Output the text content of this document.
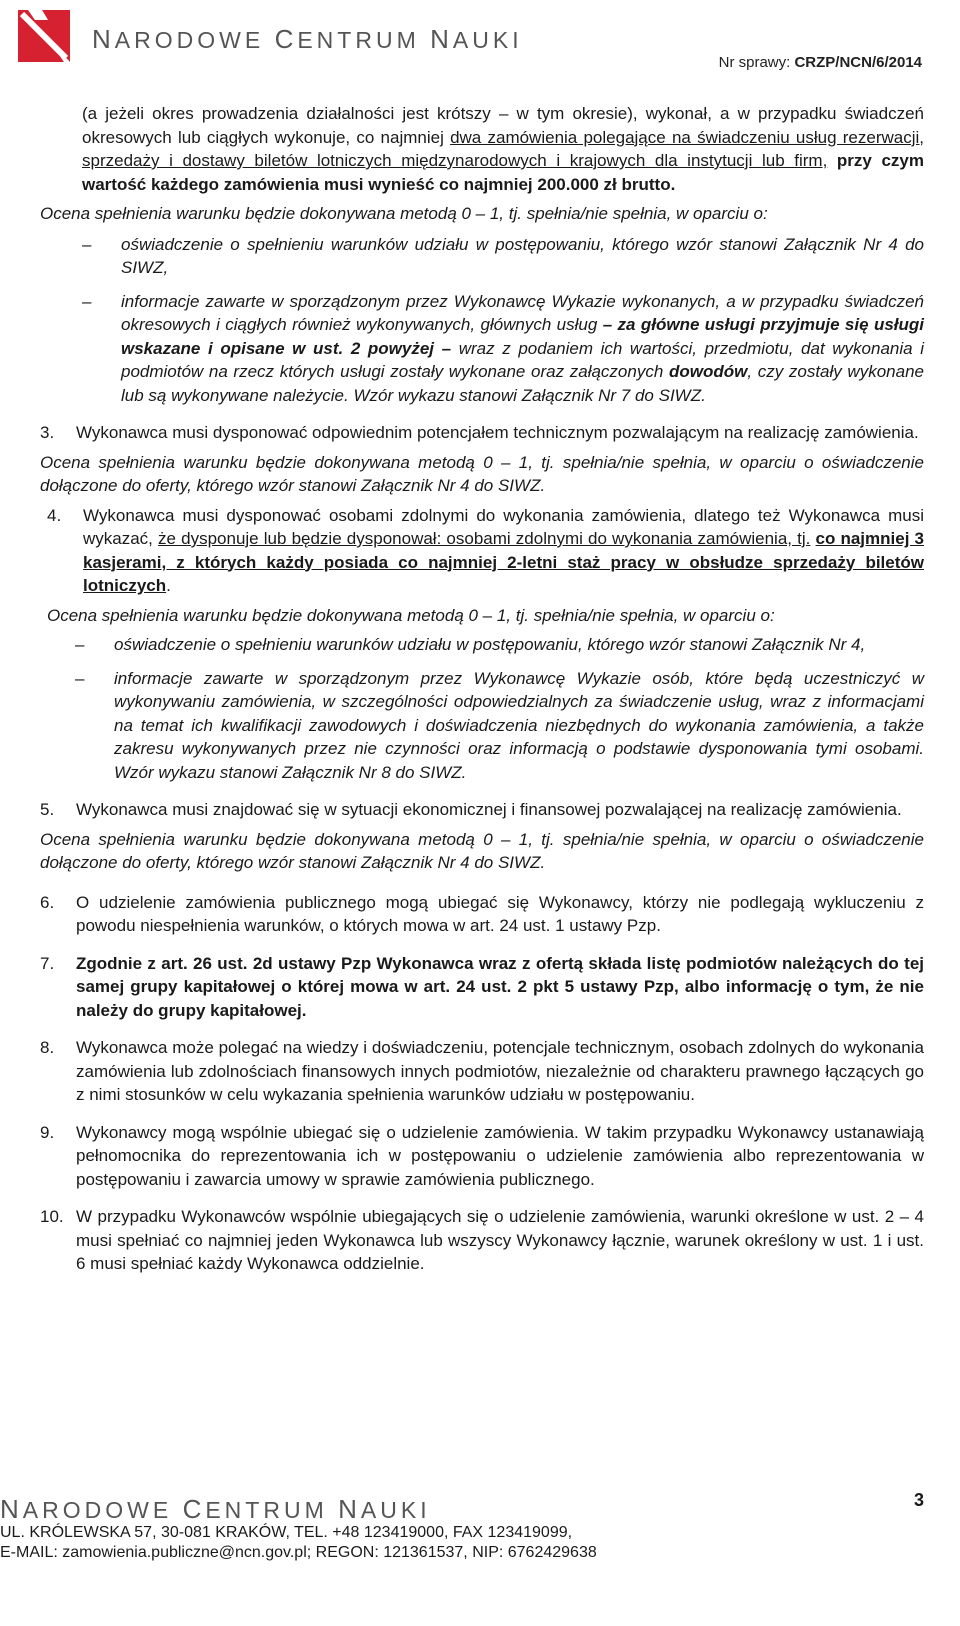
NARODOWE CENTRUM NAUKI
Nr sprawy: CRZP/NCN/6/2014
(a jeżeli okres prowadzenia działalności jest krótszy – w tym okresie), wykonał, a w przypadku świadczeń okresowych lub ciągłych wykonuje, co najmniej dwa zamówienia polegające na świadczeniu usług rezerwacji, sprzedaży i dostawy biletów lotniczych międzynarodowych i krajowych dla instytucji lub firm, przy czym wartość każdego zamówienia musi wynieść co najmniej 200.000 zł brutto.
Ocena spełnienia warunku będzie dokonywana metodą 0 – 1, tj. spełnia/nie spełnia, w oparciu o:
– oświadczenie o spełnieniu warunków udziału w postępowaniu, którego wzór stanowi Załącznik Nr 4 do SIWZ,
– informacje zawarte w sporządzonym przez Wykonawcę Wykazie wykonanych, a w przypadku świadczeń okresowych i ciągłych również wykonywanych, głównych usług – za główne usługi przyjmuje się usługi wskazane i opisane w ust. 2 powyżej – wraz z podaniem ich wartości, przedmiotu, dat wykonania i podmiotów na rzecz których usługi zostały wykonane oraz załączonych dowodów, czy zostały wykonane lub są wykonywane należycie. Wzór wykazu stanowi Załącznik Nr 7 do SIWZ.
3. Wykonawca musi dysponować odpowiednim potencjałem technicznym pozwalającym na realizację zamówienia.
Ocena spełnienia warunku będzie dokonywana metodą 0 – 1, tj. spełnia/nie spełnia, w oparciu o oświadczenie dołączone do oferty, którego wzór stanowi Załącznik Nr 4 do SIWZ.
4. Wykonawca musi dysponować osobami zdolnymi do wykonania zamówienia, dlatego też Wykonawca musi wykazać, że dysponuje lub będzie dysponował: osobami zdolnymi do wykonania zamówienia, tj. co najmniej 3 kasjerami, z których każdy posiada co najmniej 2-letni staż pracy w obsłudze sprzedaży biletów lotniczych.
Ocena spełnienia warunku będzie dokonywana metodą 0 – 1, tj. spełnia/nie spełnia, w oparciu o:
– oświadczenie o spełnieniu warunków udziału w postępowaniu, którego wzór stanowi Załącznik Nr 4,
– informacje zawarte w sporządzonym przez Wykonawcę Wykazie osób, które będą uczestniczyć w wykonywaniu zamówienia, w szczególności odpowiedzialnych za świadczenie usług, wraz z informacjami na temat ich kwalifikacji zawodowych i doświadczenia niezbędnych do wykonania zamówienia, a także zakresu wykonywanych przez nie czynności oraz informacją o podstawie dysponowania tymi osobami. Wzór wykazu stanowi Załącznik Nr 8 do SIWZ.
5. Wykonawca musi znajdować się w sytuacji ekonomicznej i finansowej pozwalającej na realizację zamówienia.
Ocena spełnienia warunku będzie dokonywana metodą 0 – 1, tj. spełnia/nie spełnia, w oparciu o oświadczenie dołączone do oferty, którego wzór stanowi Załącznik Nr 4 do SIWZ.
6. O udzielenie zamówienia publicznego mogą ubiegać się Wykonawcy, którzy nie podlegają wykluczeniu z powodu niespełnienia warunków, o których mowa w art. 24 ust. 1 ustawy Pzp.
7. Zgodnie z art. 26 ust. 2d ustawy Pzp Wykonawca wraz z ofertą składa listę podmiotów należących do tej samej grupy kapitałowej o której mowa w art. 24 ust. 2 pkt 5 ustawy Pzp, albo informację o tym, że nie należy do grupy kapitałowej.
8. Wykonawca może polegać na wiedzy i doświadczeniu, potencjale technicznym, osobach zdolnych do wykonania zamówienia lub zdolnościach finansowych innych podmiotów, niezależnie od charakteru prawnego łączących go z nimi stosunków w celu wykazania spełnienia warunków udziału w postępowaniu.
9. Wykonawcy mogą wspólnie ubiegać się o udzielenie zamówienia. W takim przypadku Wykonawcy ustanawiają pełnomocnika do reprezentowania ich w postępowaniu o udzielenie zamówienia albo reprezentowania w postępowaniu i zawarcia umowy w sprawie zamówienia publicznego.
10. W przypadku Wykonawców wspólnie ubiegających się o udzielenie zamówienia, warunki określone w ust. 2 – 4 musi spełniać co najmniej jeden Wykonawca lub wszyscy Wykonawcy łącznie, warunek określony w ust. 1 i ust. 6 musi spełniać każdy Wykonawca oddzielnie.
NARODOWE CENTRUM NAUKI	3
UL. KRÓLEWSKA 57, 30-081 KRAKÓW, TEL. +48 123419000, FAX 123419099,
E-MAIL: zamowienia.publiczne@ncn.gov.pl; REGON: 121361537, NIP: 6762429638
